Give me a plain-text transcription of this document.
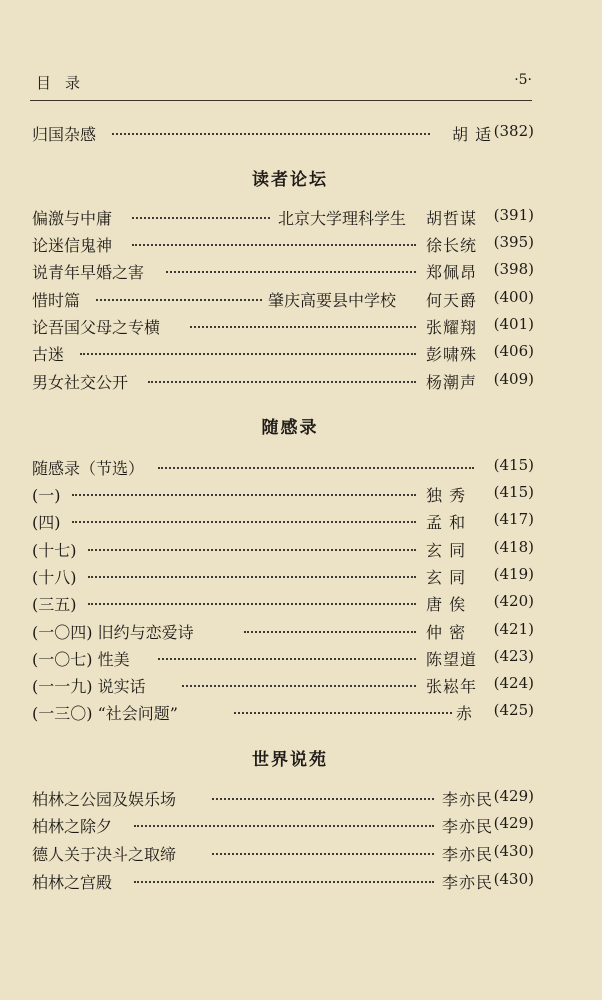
目录	·5·
归国杂感	胡 适 (382)
读者论坛
偏激与中庸	北京大学理科学生 胡哲谋 (391)
论迷信鬼神	徐长统 (395)
说青年早婚之害	郑佩昂 (398)
惜时篇	肇庆高要县中学校 何天爵 (400)
论吾国父母之专横	张耀翔 (401)
古迷	彭啸殊 (406)
男女社交公开	杨潮声 (409)
随感录
随感录（节选）	(415)
(一)	独 秀 (415)
(四)	孟 和 (417)
(十七)	玄 同 (418)
(十八)	玄 同 (419)
(三五)	唐 俟 (420)
(一〇四) 旧约与恋爱诗	仲 密 (421)
(一〇七) 性美	陈望道 (423)
(一一九) 说实话	张崧年 (424)
(一三〇) “社会问题”	赤 (425)
世界说苑
柏林之公园及娱乐场	李亦民 (429)
柏林之除夕	李亦民 (429)
德人关于决斗之取缔	李亦民 (430)
柏林之宫殿	李亦民 (430)
